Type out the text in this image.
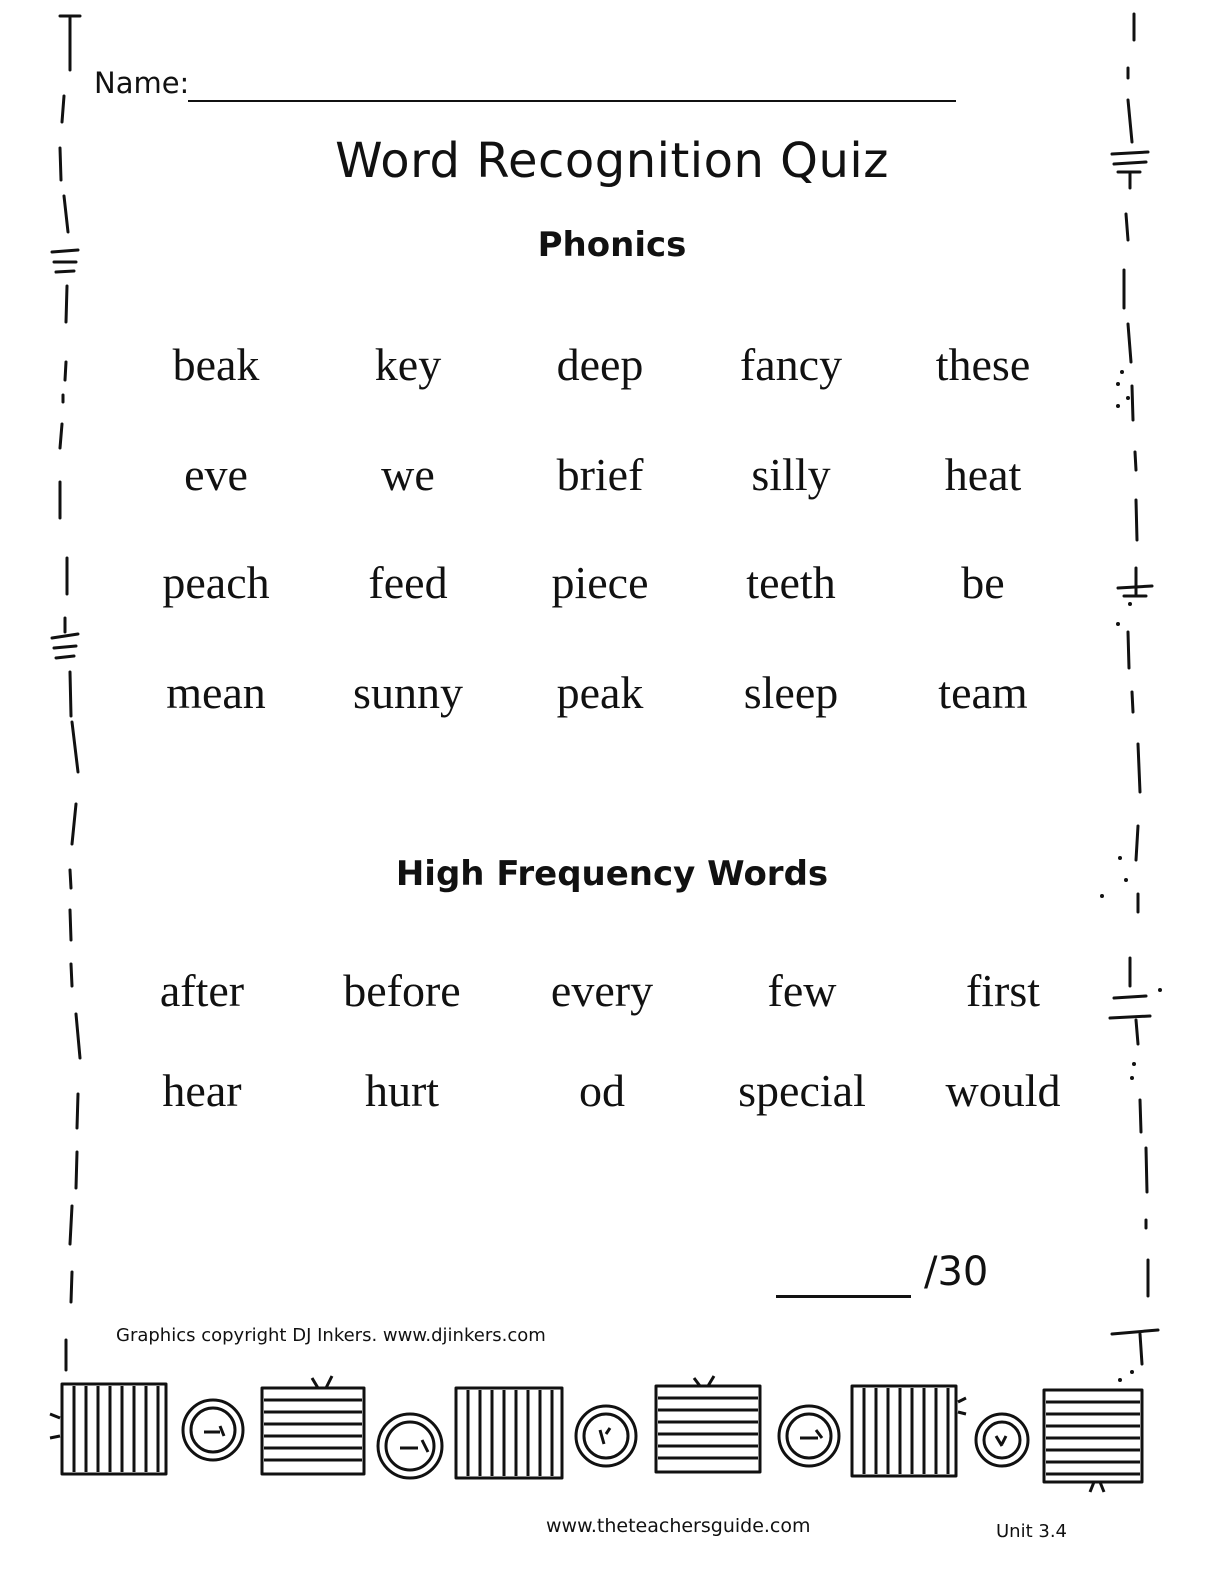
Name:
Word Recognition Quiz
Phonics
beak	key	deep	fancy	these
eve	we	brief	silly	heat
peach	feed	piece	teeth	be
mean	sunny	peak	sleep	team
High Frequency Words
after	before	every	few	first
hear	hurt	od	special	would
/30
Graphics copyright DJ Inkers. www.djinkers.com
www.theteachersguide.com	Unit 3.4
